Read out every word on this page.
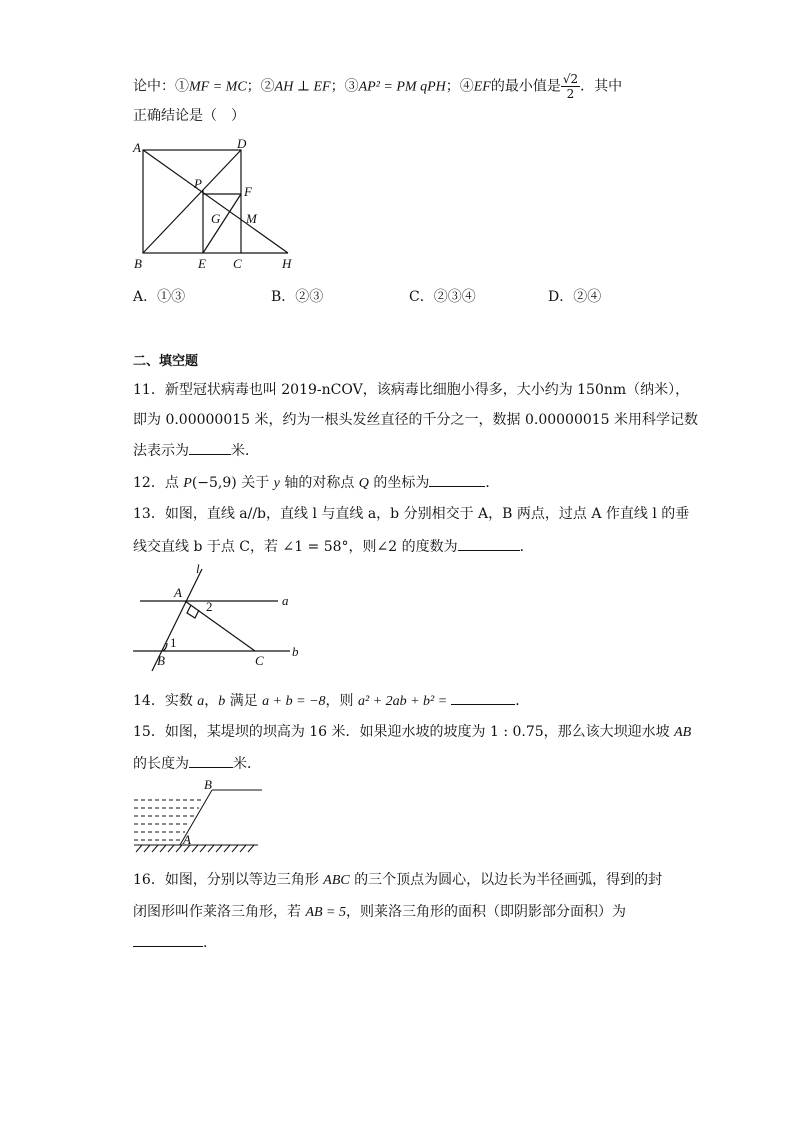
论中：①MF = MC；②AH ⊥ EF；③AP² = PM qPH；④EF的最小值是 $\frac{√2}{2}$ ．其中
正确结论是（　）
A	D
P
F
G M
B	E C	H
A．①③	B．②③	C．②③④	D．②④
二、填空题
11．新型冠状病毒也叫 2019-nCOV，该病毒比细胞小得多，大小约为 150nm（纳米），
即为 0.00000015 米，约为一根头发丝直径的千分之一，数据 0.00000015 米用科学记数
法表示为	米．
12．点 P(−5,9) 关于 y 轴的对称点 Q 的坐标为	．
13．如图，直线 a//b，直线 l 与直线 a，b 分别相交于 A，B 两点，过点 A 作直线 l 的垂
线交直线 b 于点 C，若 ∠1 = 58°，则∠2 的度数为	．
l
A
2	a
1
B	C
b
14．实数 a，b 满足 a + b = −8，则 a² + 2ab + b² =	．
15．如图，某堤坝的坝高为 16 米．如果迎水坡的坡度为 1 : 0.75，那么该大坝迎水坡 AB
的长度为	米．
B
A
16．如图，分别以等边三角形 ABC 的三个顶点为圆心，以边长为半径画弧，得到的封
闭图形叫作莱洛三角形，若 AB = 5，则莱洛三角形的面积（即阴影部分面积）为
．
